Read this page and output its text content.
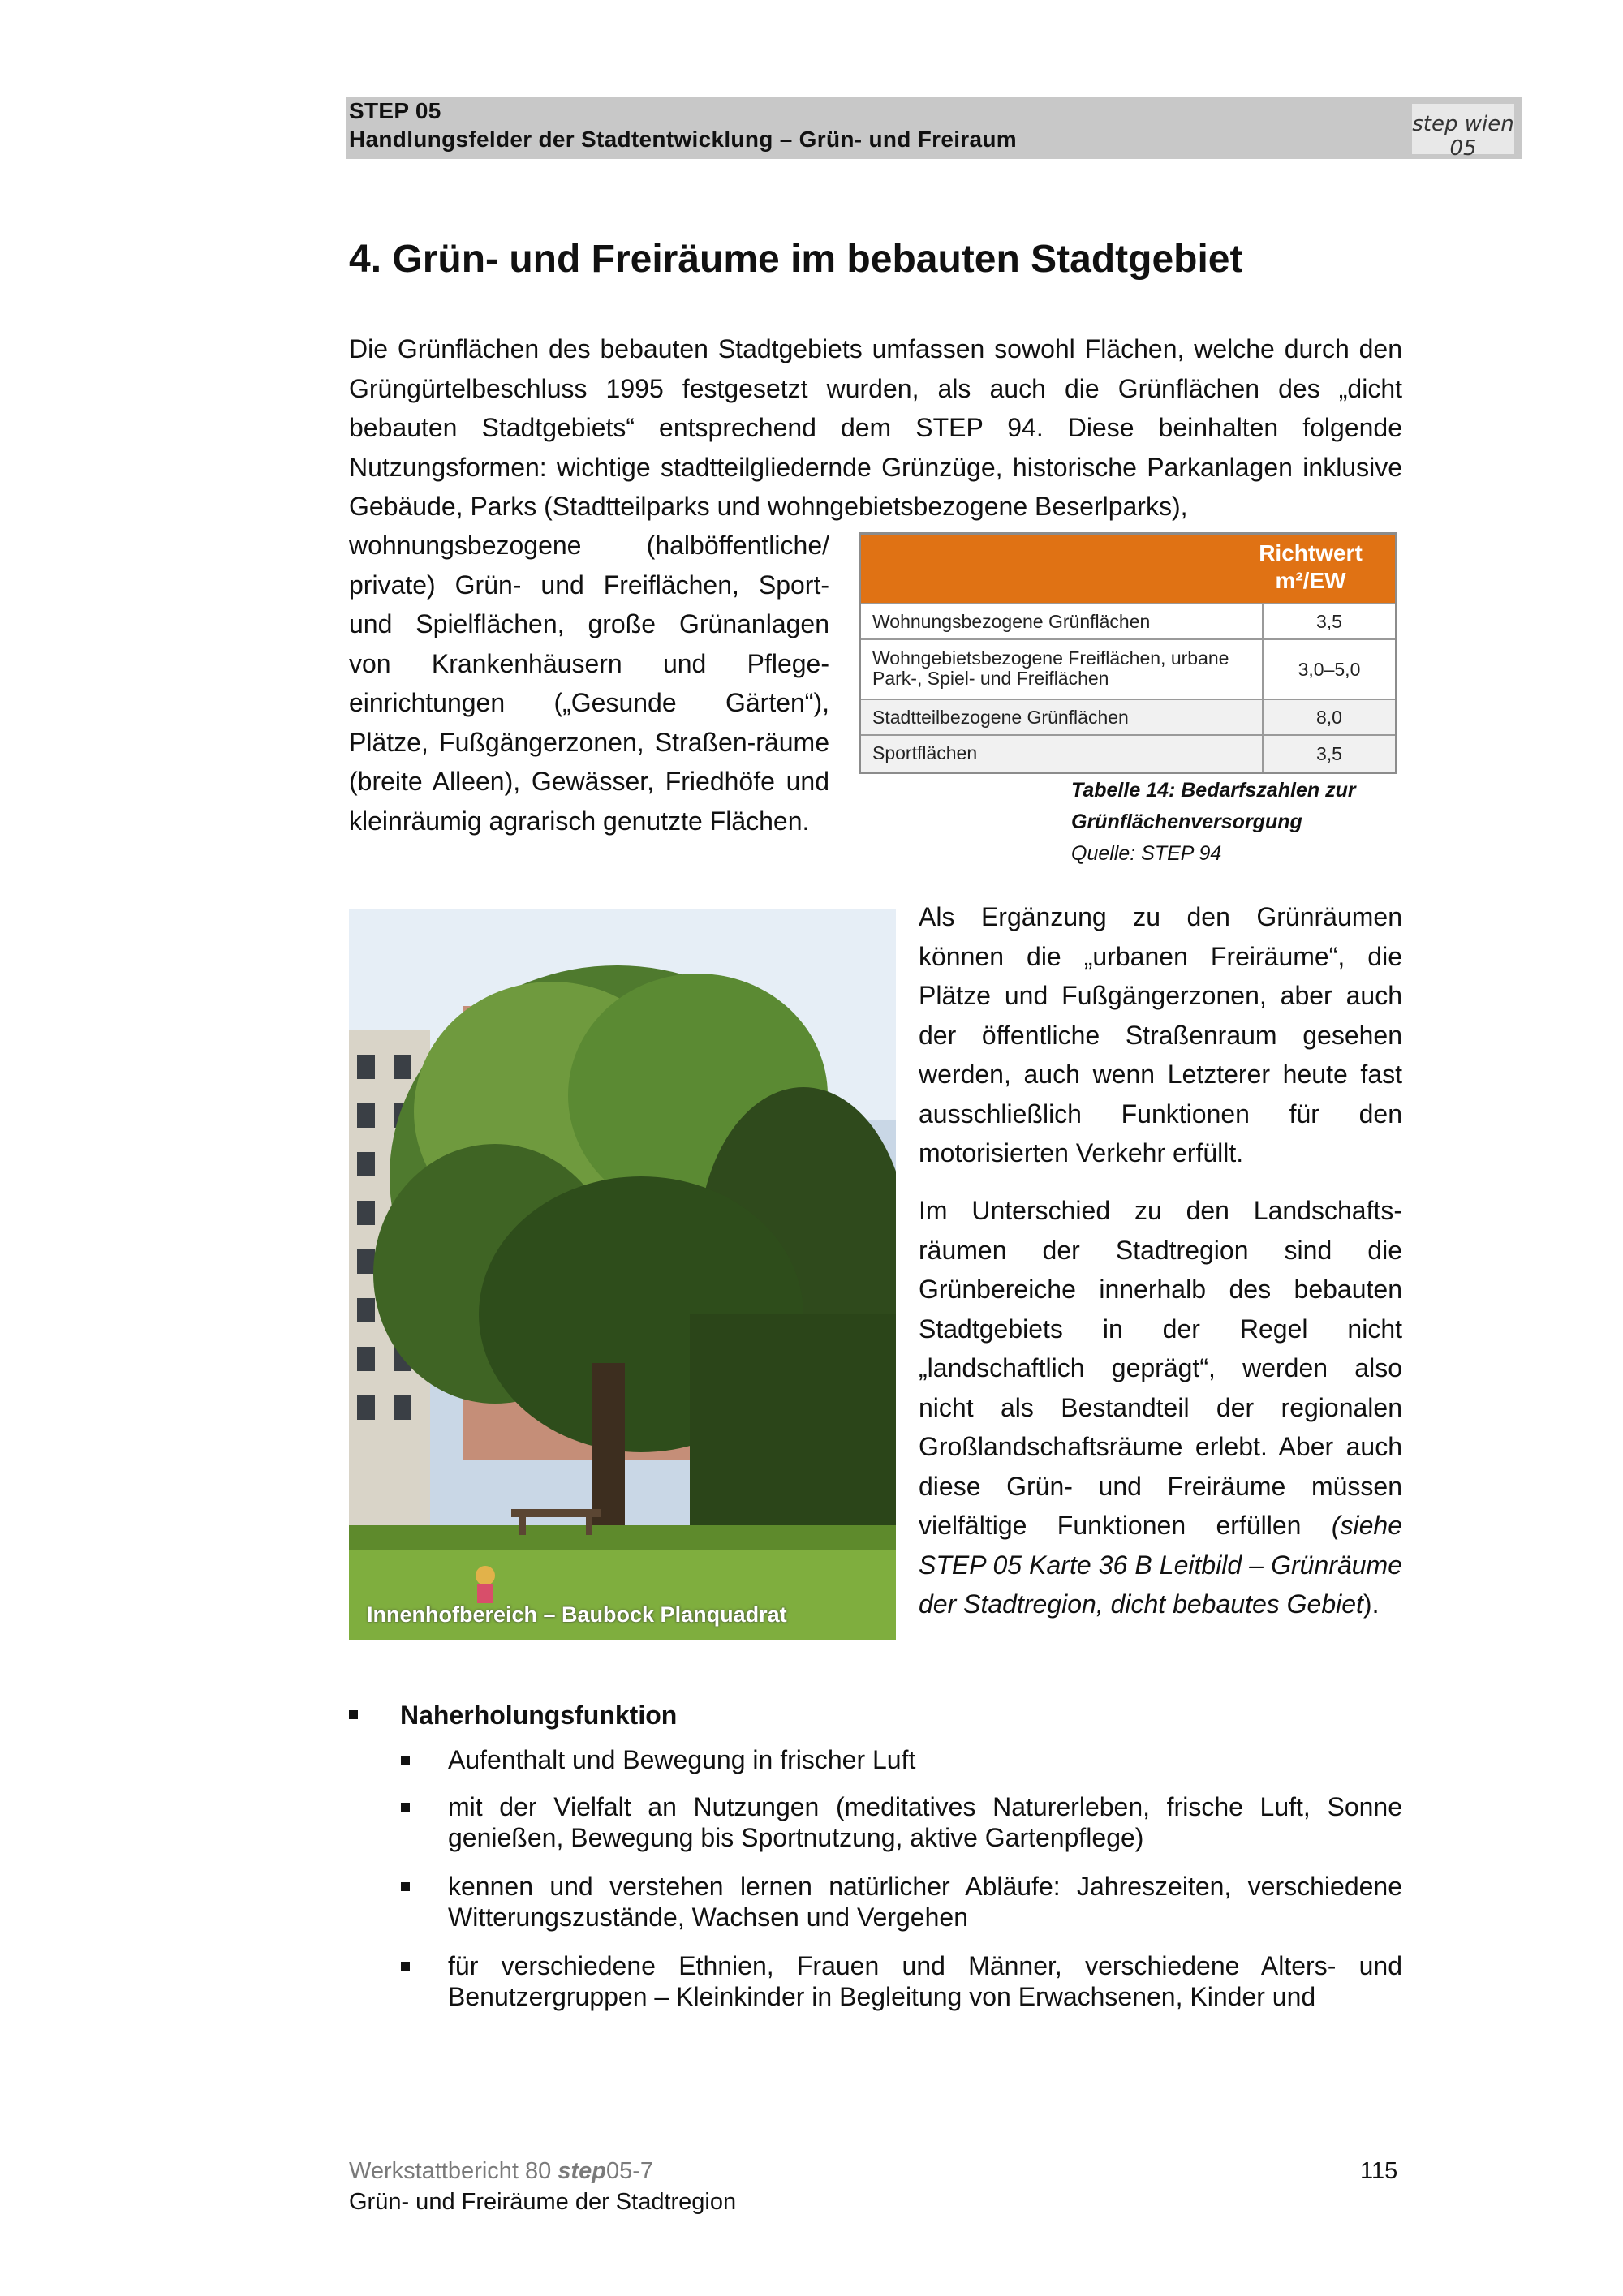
STEP 05
Handlungsfelder der Stadtentwicklung – Grün- und Freiraum
step wien 05
4. Grün- und Freiräume im bebauten Stadtgebiet

Die Grünflächen des bebauten Stadtgebiets umfassen sowohl Flächen, welche durch den Grüngürtelbeschluss 1995 festgesetzt wurden, als auch die Grünflächen des „dicht bebauten Stadtgebiets“ entsprechend dem STEP 94. Diese beinhalten folgende Nutzungsformen: wichtige stadtteilgliedernde Grünzüge, historische Parkanlagen inklusive Gebäude, Parks (Stadtteilparks und wohngebietsbezogene Beserlparks),

wohnungsbezogene (halböffentliche/ private) Grün- und Freiflächen, Sport- und Spielflächen, große Grünanlagen von Krankenhäusern und Pflege-einrichtungen („Gesunde Gärten“), Plätze, Fußgängerzonen, Straßen-räume (breite Alleen), Gewässer, Friedhöfe und kleinräumig agrarisch genutzte Flächen.

Richtwert m²/EW
Wohnungsbezogene Grünflächen	3,5
Wohngebietsbezogene Freiflächen, urbane Park-, Spiel- und Freiflächen	3,0–5,0
Stadtteilbezogene Grünflächen	8,0
Sportflächen	3,5
Tabelle 14: Bedarfszahlen zur
Grünflächenversorgung
Quelle: STEP 94
Innenhofbereich – Baubock Planquadrat

Als Ergänzung zu den Grünräumen können die „urbanen Freiräume“, die Plätze und Fußgängerzonen, aber auch der öffentliche Straßenraum gesehen werden, auch wenn Letzterer heute fast ausschließlich Funktionen für den motorisierten Verkehr erfüllt.

Im Unterschied zu den Landschafts-räumen der Stadtregion sind die Grünbereiche innerhalb des bebauten Stadtgebiets in der Regel nicht „landschaftlich geprägt“, werden also nicht als Bestandteil der regionalen Großlandschaftsräume erlebt. Aber auch diese Grün- und Freiräume müssen vielfältige Funktionen erfüllen (siehe STEP 05 Karte 36 B Leitbild – Grünräume der Stadtregion, dicht bebautes Gebiet).

Naherholungsfunktion
Aufenthalt und Bewegung in frischer Luft
mit der Vielfalt an Nutzungen (meditatives Naturerleben, frische Luft, Sonne genießen, Bewegung bis Sportnutzung, aktive Gartenpflege)
kennen und verstehen lernen natürlicher Abläufe: Jahreszeiten, verschiedene Witterungszustände, Wachsen und Vergehen
für verschiedene Ethnien, Frauen und Männer, verschiedene Alters- und Benutzergruppen – Kleinkinder in Begleitung von Erwachsenen, Kinder und
Werkstattbericht 80 step05-7
Grün- und Freiräume der Stadtregion
115
